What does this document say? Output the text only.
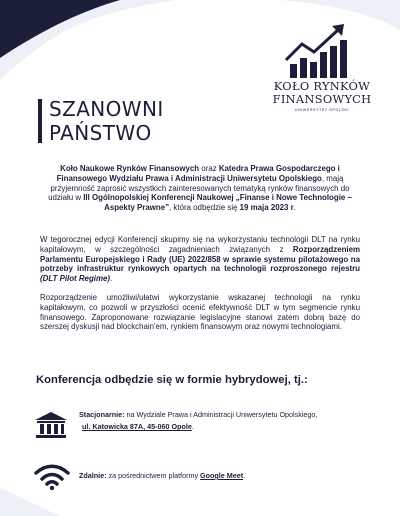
KOŁO RYNKÓW
FINANSOWYCH
UNIWERSYTET OPOLSKI
SZANOWNI
PAŃSTWO
Koło Naukowe Rynków Finansowych oraz Katedra Prawa Gospodarczego i Finansowego Wydziału Prawa i Administracji Uniwersytetu Opolskiego, mają przyjemność zaprosić wszystkich zainteresowanych tematyką rynków finansowych do udziału w III Ogólnopolskiej Konferencji Naukowej „Finanse i Nowe Technologie – Aspekty Prawne”, która odbędzie się 19 maja 2023 r.
W tegorocznej edycji Konferencji skupimy się na wykorzystaniu technologii DLT na rynku kapitałowym, w szczególności zagadnieniach związanych z Rozporządzeniem Parlamentu Europejskiego i Rady (UE) 2022/858 w sprawie systemu pilotażowego na potrzeby infrastruktur rynkowych opartych na technologii rozproszonego rejestru (DLT Pilot Regime).
Rozporządzenie umożliwi/ułatwi wykorzystanie wskazanej technologii na rynku kapitałowym, co pozwoli w przyszłości ocenić efektywność DLT w tym segmencie rynku finansowego. Zaproponowane rozwiązanie legislacyjne stanowi zatem dobrą bazę do szerszej dyskusji nad blockchain'em, rynkiem finansowym oraz nowymi technologiami.
Konferencja odbędzie się w formie hybrydowej, tj.:
Stacjonarnie: na Wydziale Prawa i Administracji Uniwersytetu Opolskiego,
ul. Katowicka 87A, 45-060 Opole.
Zdalnie: za pośrednictwem platformy Google Meet.
